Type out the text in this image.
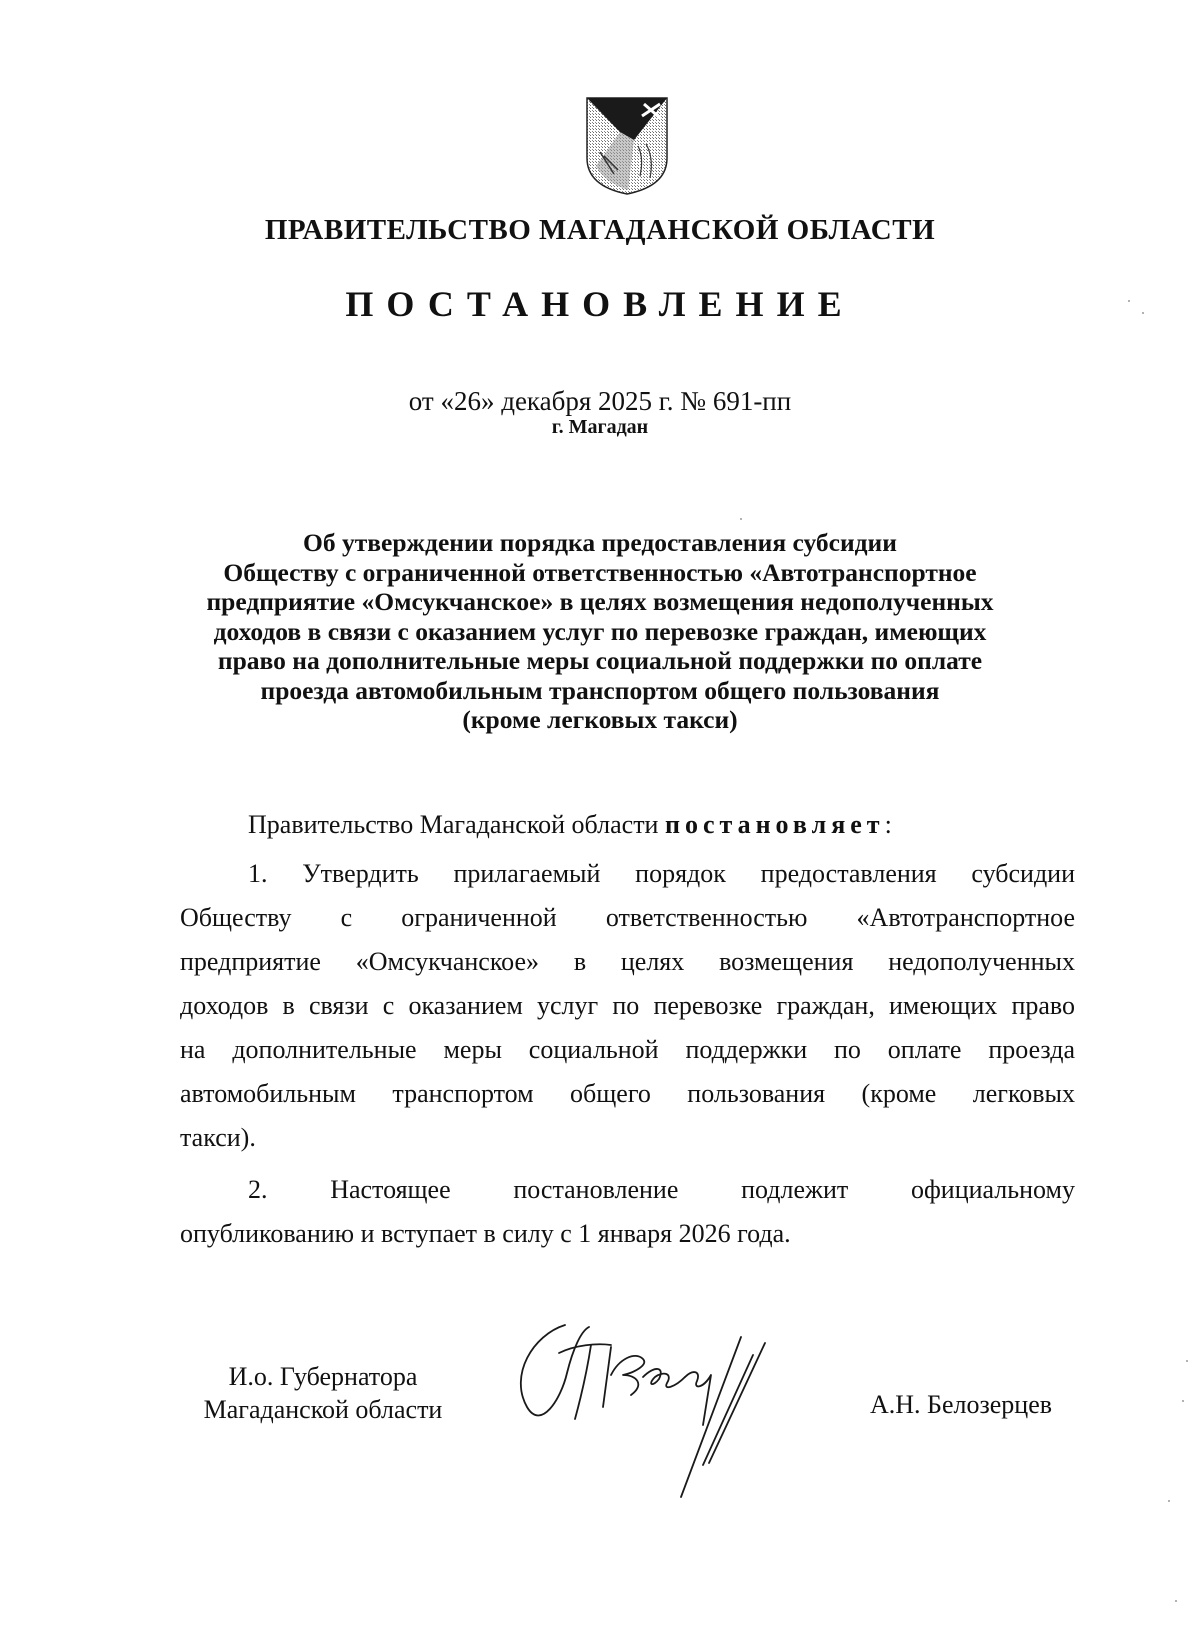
ПРАВИТЕЛЬСТВО МАГАДАНСКОЙ ОБЛАСТИ
ПОСТАНОВЛЕНИЕ
от «26» декабря 2025 г. № 691-пп
г. Магадан

Об утверждении порядка предоставления субсидии
Обществу с ограниченной ответственностью «Автотранспортное
предприятие «Омсукчанское» в целях возмещения недополученных
доходов в связи с оказанием услуг по перевозке граждан, имеющих
право на дополнительные меры социальной поддержки по оплате
проезда автомобильным транспортом общего пользования
(кроме легковых такси)

Правительство Магаданской области постановляет:

1. Утвердить прилагаемый порядок предоставления субсидии
Обществу с ограниченной ответственностью «Автотранспортное
предприятие «Омсукчанское» в целях возмещения недополученных
доходов в связи с оказанием услуг по перевозке граждан, имеющих право
на дополнительные меры социальной поддержки по оплате проезда
автомобильным транспортом общего пользования (кроме легковых
такси).

2. Настоящее постановление подлежит официальному
опубликованию и вступает в силу с 1 января 2026 года.

И.о. Губернатора
Магаданской области	А.Н. Белозерцев
